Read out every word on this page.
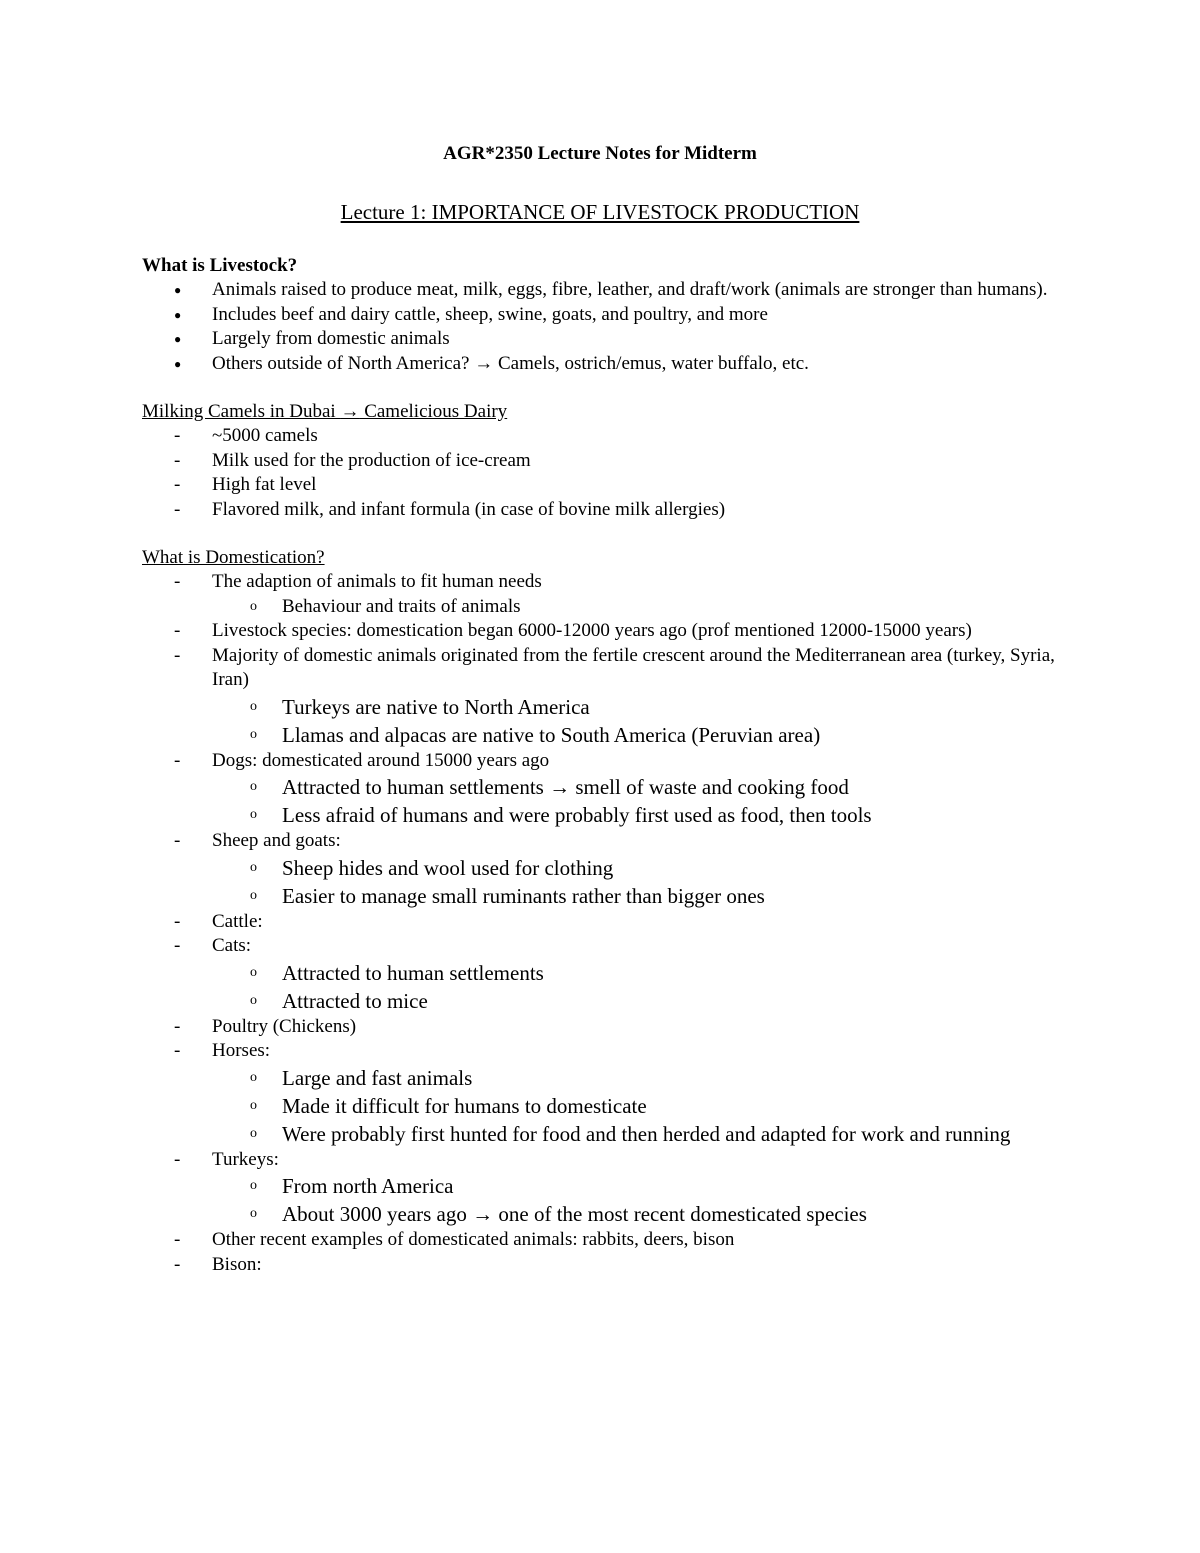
AGR*2350 Lecture Notes for Midterm
Lecture 1: IMPORTANCE OF LIVESTOCK PRODUCTION

What is Livestock?

●	Animals raised to produce meat, milk, eggs, fibre, leather, and draft/work (animals are stronger than humans).
●	Includes beef and dairy cattle, sheep, swine, goats, and poultry, and more
●	Largely from domestic animals
●	Others outside of North America? → Camels, ostrich/emus, water buffalo, etc.

Milking Camels in Dubai → Camelicious Dairy

-	~5000 camels
-	Milk used for the production of ice-cream
-	High fat level
-	Flavored milk, and infant formula (in case of bovine milk allergies)

What is Domestication?

-	The adaption of animals to fit human needs
o	Behaviour and traits of animals
-	Livestock species: domestication began 6000-12000 years ago (prof mentioned 12000-15000 years)
-	Majority of domestic animals originated from the fertile crescent around the Mediterranean area (turkey, Syria, Iran)
o	Turkeys are native to North America
o	Llamas and alpacas are native to South America (Peruvian area)
-	Dogs: domesticated around 15000 years ago
o	Attracted to human settlements → smell of waste and cooking food
o	Less afraid of humans and were probably first used as food, then tools
-	Sheep and goats:
o	Sheep hides and wool used for clothing
o	Easier to manage small ruminants rather than bigger ones
-	Cattle:
-	Cats:
o	Attracted to human settlements
o	Attracted to mice
-	Poultry (Chickens)
-	Horses:
o	Large and fast animals
o	Made it difficult for humans to domesticate
o	Were probably first hunted for food and then herded and adapted for work and running
-	Turkeys:
o	From north America
o	About 3000 years ago → one of the most recent domesticated species
-	Other recent examples of domesticated animals: rabbits, deers, bison
-	Bison:
